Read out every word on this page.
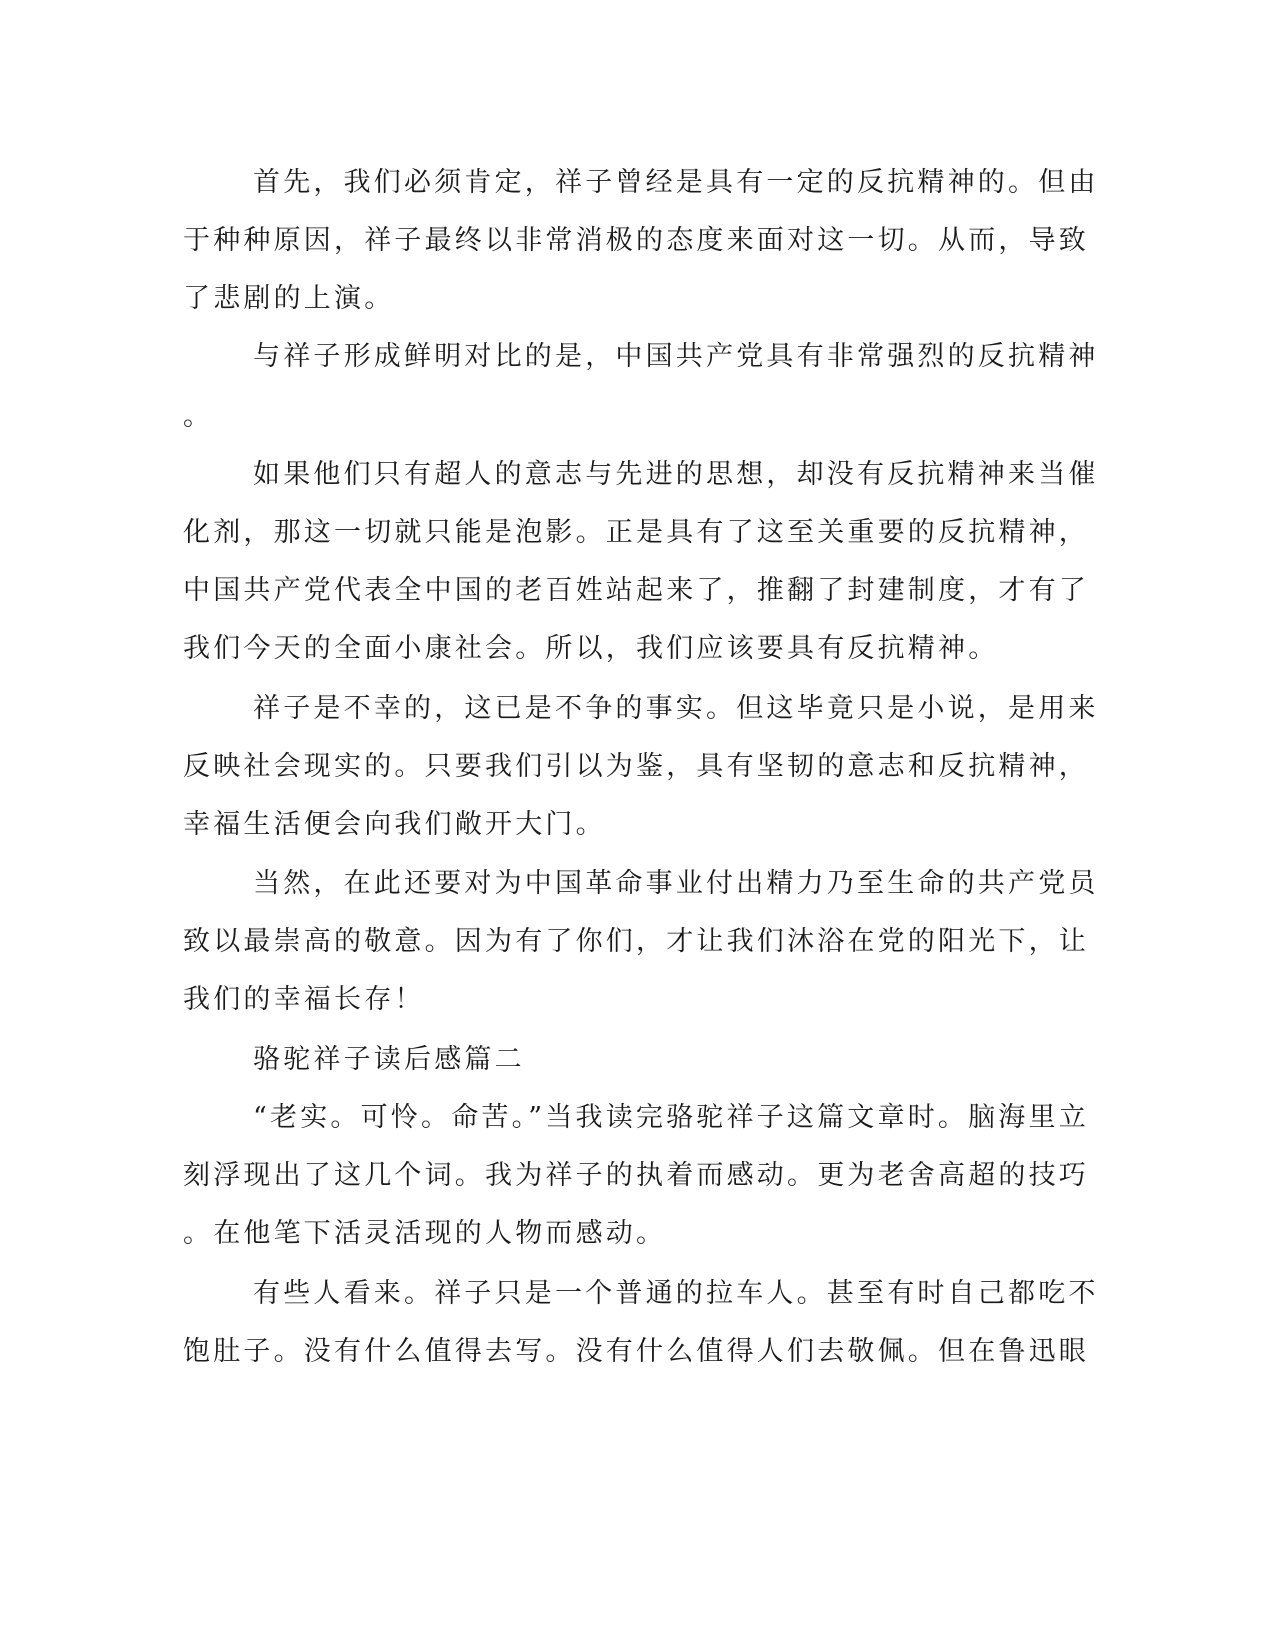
首先，我们必须肯定，祥子曾经是具有一定的反抗精神的。但由
于种种原因，祥子最终以非常消极的态度来面对这一切。从而，导致
了悲剧的上演。
与祥子形成鲜明对比的是，中国共产党具有非常强烈的反抗精神
。
如果他们只有超人的意志与先进的思想，却没有反抗精神来当催
化剂，那这一切就只能是泡影。正是具有了这至关重要的反抗精神，
中国共产党代表全中国的老百姓站起来了，推翻了封建制度，才有了
我们今天的全面小康社会。所以，我们应该要具有反抗精神。
祥子是不幸的，这已是不争的事实。但这毕竟只是小说，是用来
反映社会现实的。只要我们引以为鉴，具有坚韧的意志和反抗精神，
幸福生活便会向我们敞开大门。
当然，在此还要对为中国革命事业付出精力乃至生命的共产党员
致以最崇高的敬意。因为有了你们，才让我们沐浴在党的阳光下，让
我们的幸福长存！
骆驼祥子读后感篇二
“老实。可怜。命苦。”当我读完骆驼祥子这篇文章时。脑海里立
刻浮现出了这几个词。我为祥子的执着而感动。更为老舍高超的技巧
。在他笔下活灵活现的人物而感动。
有些人看来。祥子只是一个普通的拉车人。甚至有时自己都吃不
饱肚子。没有什么值得去写。没有什么值得人们去敬佩。但在鲁迅眼
